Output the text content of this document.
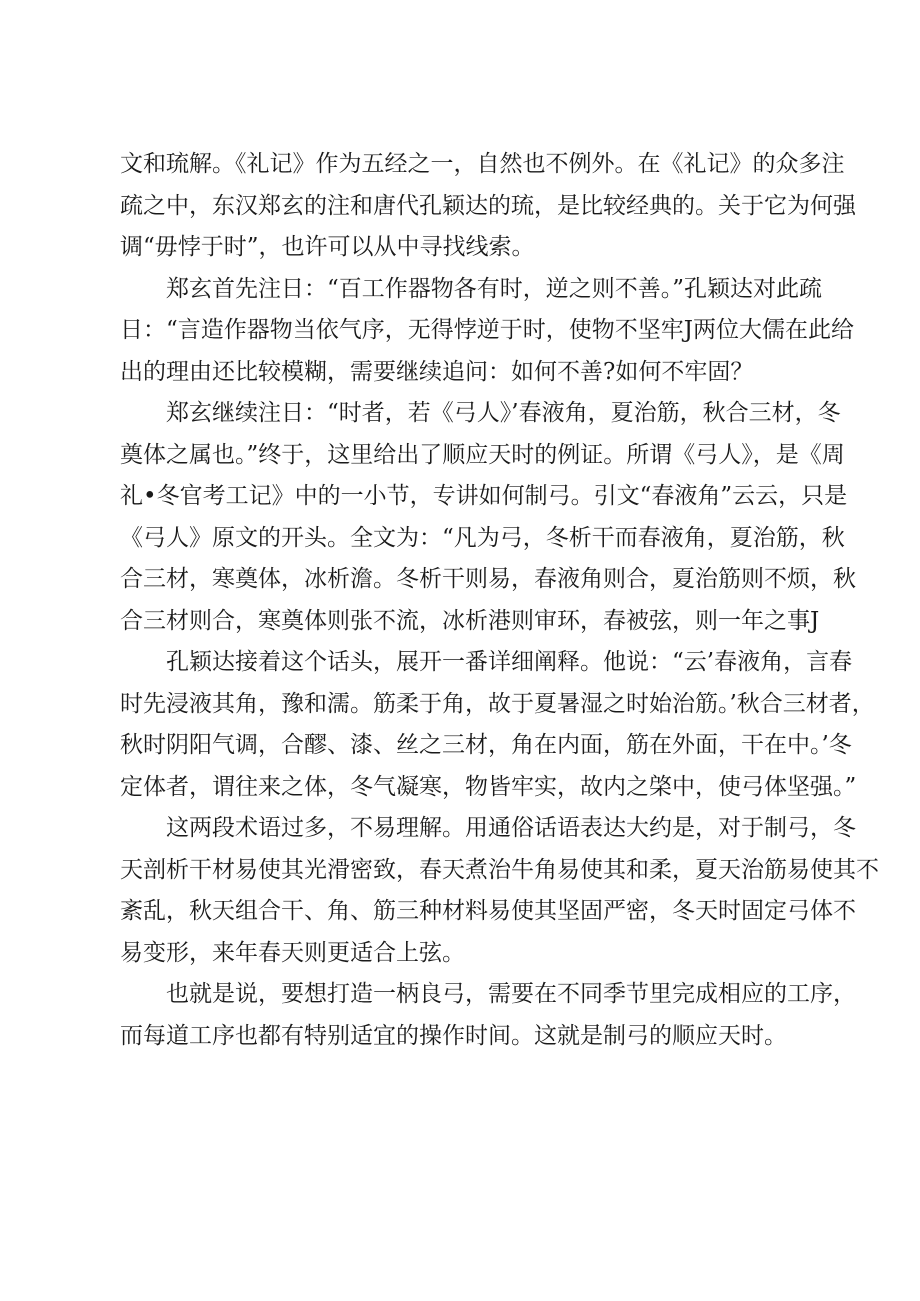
文和琉解。《礼记》作为五经之一，自然也不例外。在《礼记》的众多注
疏之中，东汉郑玄的注和唐代孔颖达的琉，是比较经典的。关于它为何强
调“毋悖于时”，也许可以从中寻找线索。

郑玄首先注日：“百工作器物各有时，逆之则不善。”孔颖达对此疏
日：“言造作器物当依气序，无得悖逆于时，使物不坚牢J两位大儒在此给
出的理由还比较模糊，需要继续追问：如何不善?如何不牢固？

郑玄继续注日：“时者，若《弓人》’春液角，夏治筋，秋合三材，冬
奠体之属也。”终于，这里给出了顺应天时的例证。所谓《弓人》，是《周
礼•冬官考工记》中的一小节，专讲如何制弓。引文“春液角”云云，只是
《弓人》原文的开头。全文为：“凡为弓，冬析干而春液角，夏治筋，秋
合三材，寒奠体，冰析澹。冬析干则易，春液角则合，夏治筋则不烦，秋
合三材则合，寒奠体则张不流，冰析港则审环，春被弦，则一年之事J

孔颖达接着这个话头，展开一番详细阐释。他说：“云’春液角，言春
时先浸液其角，豫和濡。筋柔于角，故于夏暑湿之时始治筋。’秋合三材者，
秋时阴阳气调，合醪、漆、丝之三材，角在内面，筋在外面，干在中。’冬
定体者，谓往来之体，冬气凝寒，物皆牢实，故内之棨中，使弓体坚强。”

这两段术语过多，不易理解。用通俗话语表达大约是，对于制弓，冬
天剖析干材易使其光滑密致，春天煮治牛角易使其和柔，夏天治筋易使其不
紊乱，秋天组合干、角、筋三种材料易使其坚固严密，冬天时固定弓体不
易变形，来年春天则更适合上弦。

也就是说，要想打造一柄良弓，需要在不同季节里完成相应的工序，
而每道工序也都有特别适宜的操作时间。这就是制弓的顺应天时。
